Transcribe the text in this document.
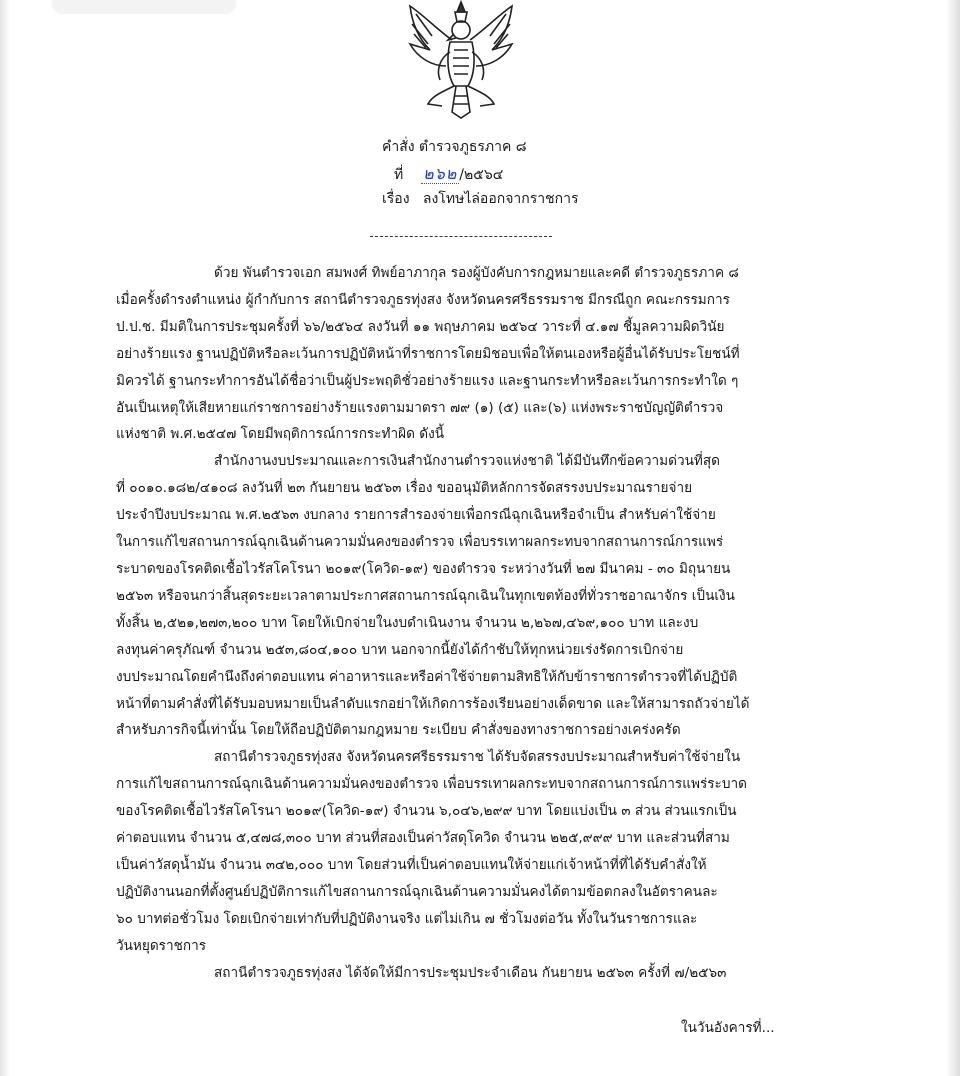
คำสั่ง ตำรวจภูธรภาค ๘
ที่ ๒๖๒ /๒๕๖๔
เรื่อง ลงโทษไล่ออกจากราชการ
ด้วย พันตำรวจเอก สมพงศ์ ทิพย์อาภากุล รองผู้บังคับการกฎหมายและคดี ตำรวจภูธรภาค ๘
เมื่อครั้งดำรงตำแหน่ง ผู้กำกับการ สถานีตำรวจภูธรทุ่งสง จังหวัดนครศรีธรรมราช มีกรณีถูก คณะกรรมการ
ป.ป.ช. มีมติในการประชุมครั้งที่ ๖๖/๒๕๖๔ ลงวันที่ ๑๑ พฤษภาคม ๒๕๖๔ วาระที่ ๔.๑๗ ชี้มูลความผิดวินัย
อย่างร้ายแรง ฐานปฏิบัติหรือละเว้นการปฏิบัติหน้าที่ราชการโดยมิชอบเพื่อให้ตนเองหรือผู้อื่นได้รับประโยชน์ที่
มิควรได้ ฐานกระทำการอันได้ชื่อว่าเป็นผู้ประพฤติชั่วอย่างร้ายแรง และฐานกระทำหรือละเว้นการกระทำใด ๆ
อันเป็นเหตุให้เสียหายแก่ราชการอย่างร้ายแรงตามมาตรา ๗๙ (๑) (๕) และ(๖) แห่งพระราชบัญญัติตำรวจ
แห่งชาติ พ.ศ.๒๕๔๗ โดยมีพฤติการณ์การกระทำผิด ดังนี้
สำนักงานงบประมาณและการเงินสำนักงานตำรวจแห่งชาติ ได้มีบันทึกข้อความด่วนที่สุด
ที่ ๐๐๑๐.๑๘๒/๔๑๐๘ ลงวันที่ ๒๓ กันยายน ๒๕๖๓ เรื่อง ขออนุมัติหลักการจัดสรรงบประมาณรายจ่าย
ประจำปีงบประมาณ พ.ศ.๒๕๖๓ งบกลาง รายการสำรองจ่ายเพื่อกรณีฉุกเฉินหรือจำเป็น สำหรับค่าใช้จ่าย
ในการแก้ไขสถานการณ์ฉุกเฉินด้านความมั่นคงของตำรวจ เพื่อบรรเทาผลกระทบจากสถานการณ์การแพร่
ระบาดของโรคติดเชื้อไวรัสโคโรนา ๒๐๑๙(โควิด-๑๙) ของตำรวจ ระหว่างวันที่ ๒๗ มีนาคม - ๓๐ มิถุนายน
๒๕๖๓ หรือจนกว่าสิ้นสุดระยะเวลาตามประกาศสถานการณ์ฉุกเฉินในทุกเขตท้องที่ทั่วราชอาณาจักร เป็นเงิน
ทั้งสิ้น ๒,๕๒๑,๒๗๓,๒๐๐ บาท โดยให้เบิกจ่ายในงบดำเนินงาน จำนวน ๒,๒๖๗,๔๖๙,๑๐๐ บาท และงบ
ลงทุนค่าครุภัณฑ์ จำนวน ๒๕๓,๘๐๔,๑๐๐ บาท นอกจากนี้ยังได้กำชับให้ทุกหน่วยเร่งรัดการเบิกจ่าย
งบประมาณโดยคำนึงถึงค่าตอบแทน ค่าอาหารและหรือค่าใช้จ่ายตามสิทธิให้กับข้าราชการตำรวจที่ได้ปฏิบัติ
หน้าที่ตามคำสั่งที่ได้รับมอบหมายเป็นลำดับแรกอย่าให้เกิดการร้องเรียนอย่างเด็ดขาด และให้สามารถถัวจ่ายได้
สำหรับภารกิจนี้เท่านั้น โดยให้ถือปฏิบัติตามกฎหมาย ระเบียบ คำสั่งของทางราชการอย่างเคร่งครัด
สถานีตำรวจภูธรทุ่งสง จังหวัดนครศรีธรรมราช ได้รับจัดสรรงบประมาณสำหรับค่าใช้จ่ายใน
การแก้ไขสถานการณ์ฉุกเฉินด้านความมั่นคงของตำรวจ เพื่อบรรเทาผลกระทบจากสถานการณ์การแพร่ระบาด
ของโรคติดเชื้อไวรัสโคโรนา ๒๐๑๙(โควิด-๑๙) จำนวน ๖,๐๔๖,๒๙๙ บาท โดยแบ่งเป็น ๓ ส่วน ส่วนแรกเป็น
ค่าตอบแทน จำนวน ๕,๔๗๘,๓๐๐ บาท ส่วนที่สองเป็นค่าวัสดุโควิด จำนวน ๒๒๕,๙๙๙ บาท และส่วนที่สาม
เป็นค่าวัสดุน้ำมัน จำนวน ๓๔๒,๐๐๐ บาท โดยส่วนที่เป็นค่าตอบแทนให้จ่ายแก่เจ้าหน้าที่ที่ได้รับคำสั่งให้
ปฏิบัติงานนอกที่ตั้งศูนย์ปฏิบัติการแก้ไขสถานการณ์ฉุกเฉินด้านความมั่นคงได้ตามข้อตกลงในอัตราคนละ
๖๐ บาทต่อชั่วโมง โดยเบิกจ่ายเท่ากับที่ปฏิบัติงานจริง แต่ไม่เกิน ๗ ชั่วโมงต่อวัน ทั้งในวันราชการและ
วันหยุดราชการ
สถานีตำรวจภูธรทุ่งสง ได้จัดให้มีการประชุมประจำเดือน กันยายน ๒๕๖๓ ครั้งที่ ๗/๒๕๖๓
ในวันอังคารที่...
